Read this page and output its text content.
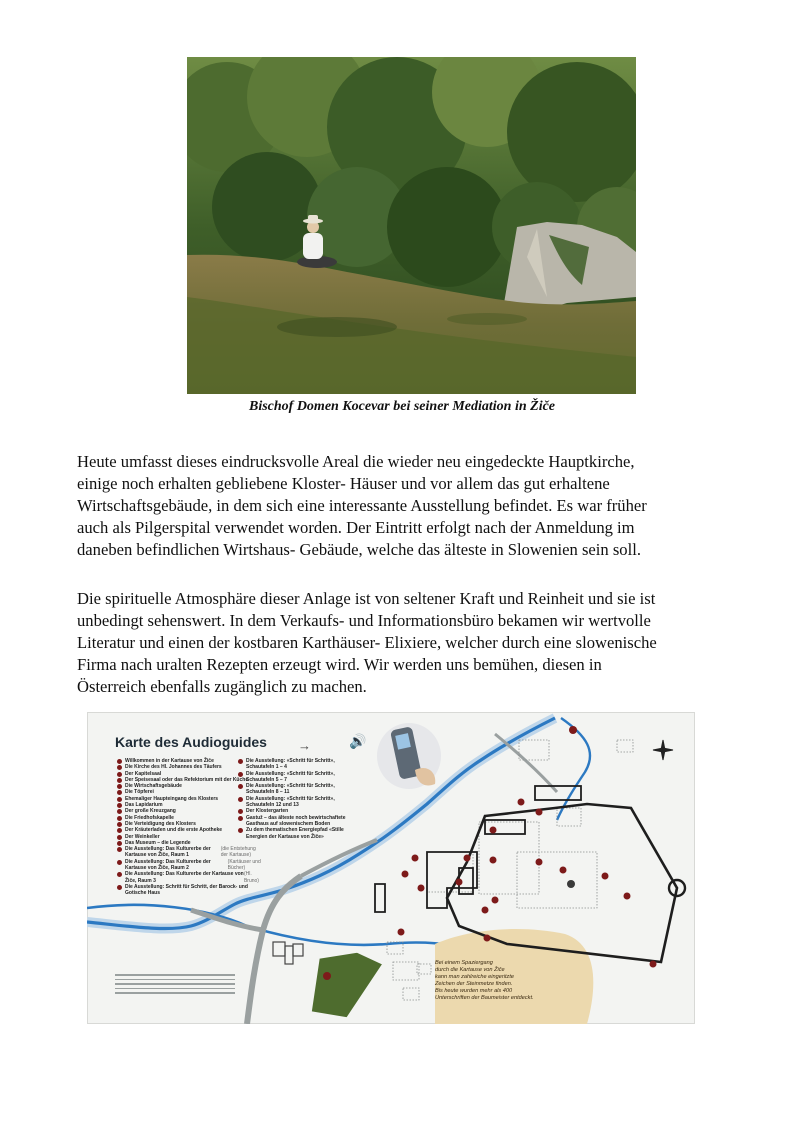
Bischof Domen Kocevar bei seiner Mediation in Žiče

Heute umfasst dieses eindrucksvolle Areal die wieder neu eingedeckte Hauptkirche,
einige noch erhalten gebliebene Kloster- Häuser und vor allem das gut erhaltene
Wirtschaftsgebäude, in dem sich eine interessante Ausstellung befindet. Es war früher
auch als Pilgerspital verwendet worden. Der Eintritt erfolgt nach der Anmeldung im
daneben befindlichen Wirtshaus- Gebäude, welche das älteste in Slowenien sein soll.

Die spirituelle Atmosphäre dieser Anlage ist von seltener Kraft und Reinheit und sie ist
unbedingt sehenswert. In dem Verkaufs- und Informationsbüro bekamen wir wertvolle
Literatur und einen der kostbaren Karthäuser- Elixiere, welcher durch eine slowenische
Firma nach uralten Rezepten erzeugt wird. Wir werden uns bemühen, diesen in
Österreich ebenfalls zugänglich zu machen.

Karte des Audioguides →	🔊
Willkommen in der Kartause von Žiče
Die Kirche des Hl. Johannes des Täufers
Der Kapitelsaal
Der Speisesaal oder das Refektorium mit der Küche
Die Wirtschaftsgebäude
Die Töpferei
Ehemaliger Haupteingang des Klosters
Das Lapidarium
Der große Kreuzgang
Die Friedhofskapelle
Die Verteidigung des Klosters
Der Kräuterladen und die erste Apotheke
Der Weinkeller
Das Museum – die Legende
Die Ausstellung: Das Kulturerbe der Kartause von Žiče, Raum 1
(die Entstehung der Kartause)
Die Ausstellung: Das Kulturerbe der Kartause von Žiče, Raum 2
(Kartäuser und Bücher)
Die Ausstellung: Das Kulturerbe der Kartause von Žiče, Raum 3
(Hl. Bruno)
Die Ausstellung: Schritt für Schritt, der Barock- und Gotische Haus
Die Ausstellung: «Schritt für Schritt», Schautafeln 1 – 4
Die Ausstellung: «Schritt für Schritt», Schautafeln 5 – 7
Die Ausstellung: «Schritt für Schritt», Schautafeln 8 – 11
Die Ausstellung: «Schritt für Schritt», Schautafeln 12 und 13
Der Klostergarten
Gastuž – das älteste noch bewirtschaftete Gasthaus auf slowenischem Boden
Zu dem thematischen Energiepfad «Stille Energien der Kartause von Žiče»
Bei einem Spaziergang
durch die Kartause von Žiče
kann man zahlreiche eingeritzte
Zeichen der Steinmetze finden.
Bis heute wurden mehr als 400
Unterschriften der Baumeister entdeckt.
